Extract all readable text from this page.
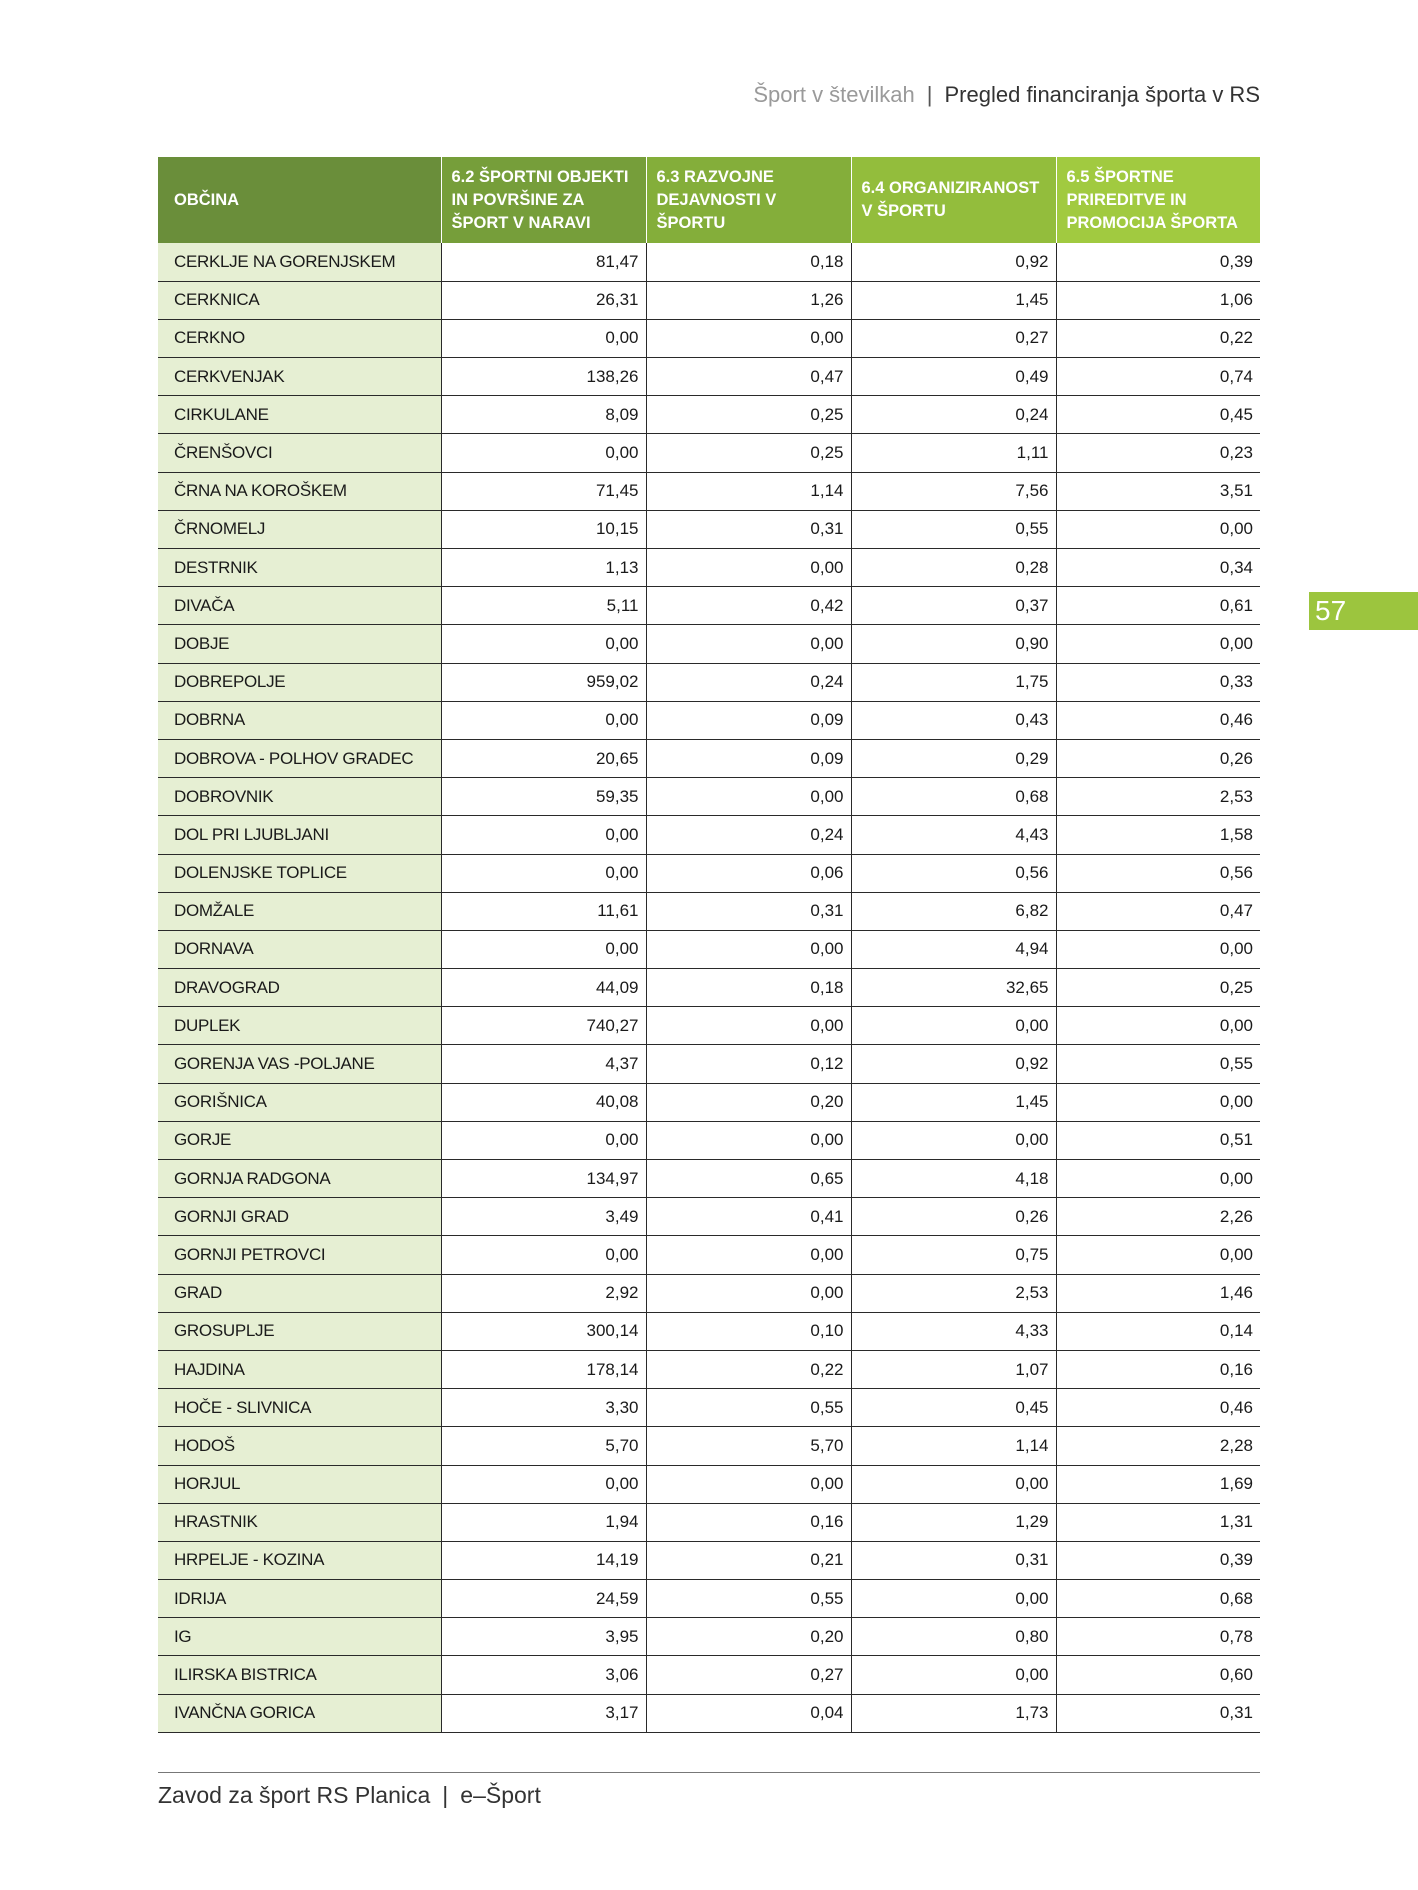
Šport v številkah | Pregled financiranja športa v RS
57
OBČINA	6.2 ŠPORTNI OBJEKTI IN POVRŠINE ZA ŠPORT V NARAVI	6.3 RAZVOJNE DEJAVNOSTI V ŠPORTU	6.4 ORGANIZIRANOST V ŠPORTU	6.5 ŠPORTNE PRIREDITVE IN PROMOCIJA ŠPORTA
CERKLJE NA GORENJSKEM	81,47	0,18	0,92	0,39
CERKNICA	26,31	1,26	1,45	1,06
CERKNO	0,00	0,00	0,27	0,22
CERKVENJAK	138,26	0,47	0,49	0,74
CIRKULANE	8,09	0,25	0,24	0,45
ČRENŠOVCI	0,00	0,25	1,11	0,23
ČRNA NA KOROŠKEM	71,45	1,14	7,56	3,51
ČRNOMELJ	10,15	0,31	0,55	0,00
DESTRNIK	1,13	0,00	0,28	0,34
DIVAČA	5,11	0,42	0,37	0,61
DOBJE	0,00	0,00	0,90	0,00
DOBREPOLJE	959,02	0,24	1,75	0,33
DOBRNA	0,00	0,09	0,43	0,46
DOBROVA - POLHOV GRADEC	20,65	0,09	0,29	0,26
DOBROVNIK	59,35	0,00	0,68	2,53
DOL PRI LJUBLJANI	0,00	0,24	4,43	1,58
DOLENJSKE TOPLICE	0,00	0,06	0,56	0,56
DOMŽALE	11,61	0,31	6,82	0,47
DORNAVA	0,00	0,00	4,94	0,00
DRAVOGRAD	44,09	0,18	32,65	0,25
DUPLEK	740,27	0,00	0,00	0,00
GORENJA VAS -POLJANE	4,37	0,12	0,92	0,55
GORIŠNICA	40,08	0,20	1,45	0,00
GORJE	0,00	0,00	0,00	0,51
GORNJA RADGONA	134,97	0,65	4,18	0,00
GORNJI GRAD	3,49	0,41	0,26	2,26
GORNJI PETROVCI	0,00	0,00	0,75	0,00
GRAD	2,92	0,00	2,53	1,46
GROSUPLJE	300,14	0,10	4,33	0,14
HAJDINA	178,14	0,22	1,07	0,16
HOČE - SLIVNICA	3,30	0,55	0,45	0,46
HODOŠ	5,70	5,70	1,14	2,28
HORJUL	0,00	0,00	0,00	1,69
HRASTNIK	1,94	0,16	1,29	1,31
HRPELJE - KOZINA	14,19	0,21	0,31	0,39
IDRIJA	24,59	0,55	0,00	0,68
IG	3,95	0,20	0,80	0,78
ILIRSKA BISTRICA	3,06	0,27	0,00	0,60
IVANČNA GORICA	3,17	0,04	1,73	0,31
Zavod za šport RS Planica | e–Šport
